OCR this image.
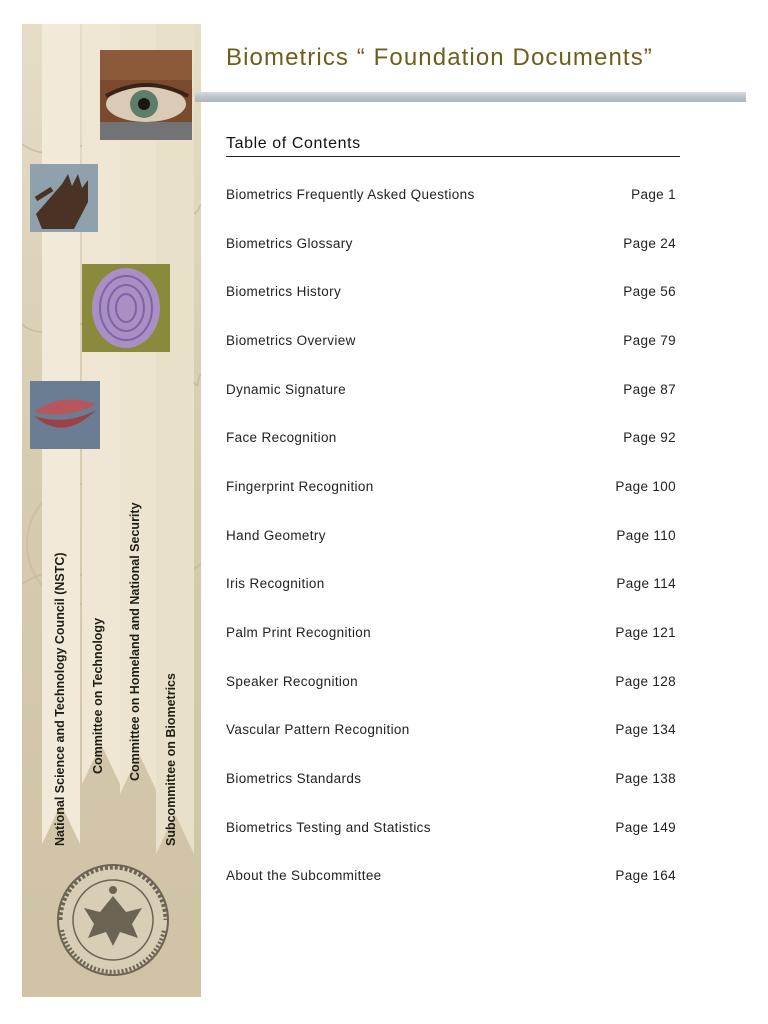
National Science and Technology Council (NSTC) Committee on Technology Committee on Homeland and National Security Subcommittee on Biometrics
Biometrics “ Foundation Documents”
Table of Contents
Biometrics Frequently Asked Questions	Page 1
Biometrics Glossary	Page 24
Biometrics History	Page 56
Biometrics Overview	Page 79
Dynamic Signature	Page 87
Face Recognition	Page 92
Fingerprint Recognition	Page 100
Hand Geometry	Page 110
Iris Recognition	Page 114
Palm Print Recognition	Page 121
Speaker Recognition	Page 128
Vascular Pattern Recognition	Page 134
Biometrics Standards	Page 138
Biometrics Testing and Statistics	Page 149
About the Subcommittee	Page 164
